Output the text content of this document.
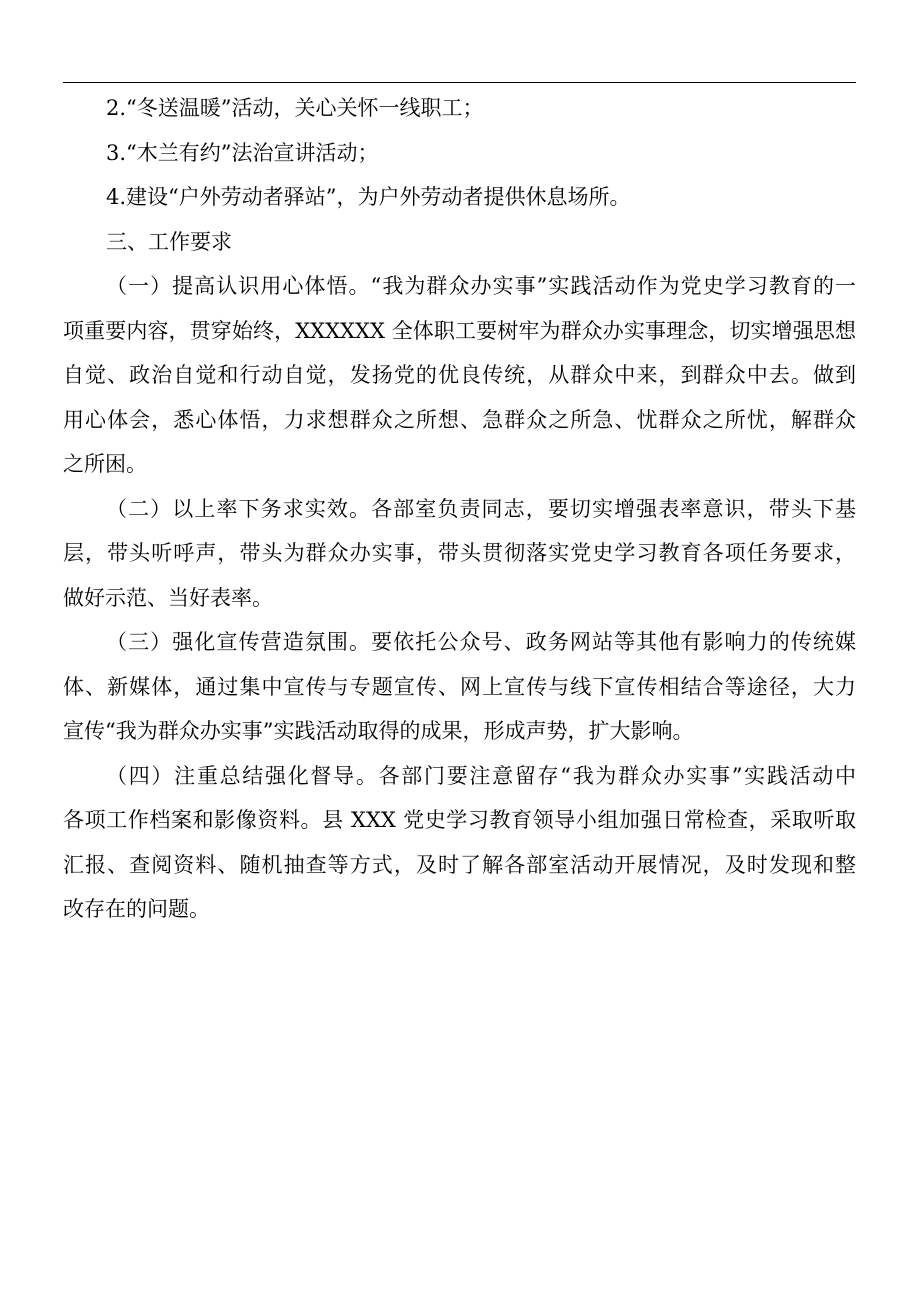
2.“冬送温暖”活动，关心关怀一线职工；
3.“木兰有约”法治宣讲活动；
4.建设“户外劳动者驿站”，为户外劳动者提供休息场所。
三、工作要求
（一）提高认识用心体悟。“我为群众办实事”实践活动作为党史学习教育的一
项重要内容，贯穿始终，XXXXXX 全体职工要树牢为群众办实事理念，切实增强思想
自觉、政治自觉和行动自觉，发扬党的优良传统，从群众中来，到群众中去。做到
用心体会，悉心体悟，力求想群众之所想、急群众之所急、忧群众之所忧，解群众
之所困。
（二）以上率下务求实效。各部室负责同志，要切实增强表率意识，带头下基
层，带头听呼声，带头为群众办实事，带头贯彻落实党史学习教育各项任务要求，
做好示范、当好表率。
（三）强化宣传营造氛围。要依托公众号、政务网站等其他有影响力的传统媒
体、新媒体，通过集中宣传与专题宣传、网上宣传与线下宣传相结合等途径，大力
宣传“我为群众办实事”实践活动取得的成果，形成声势，扩大影响。
（四）注重总结强化督导。各部门要注意留存“我为群众办实事”实践活动中
各项工作档案和影像资料。县 XXX 党史学习教育领导小组加强日常检查，采取听取
汇报、查阅资料、随机抽查等方式，及时了解各部室活动开展情况，及时发现和整
改存在的问题。
